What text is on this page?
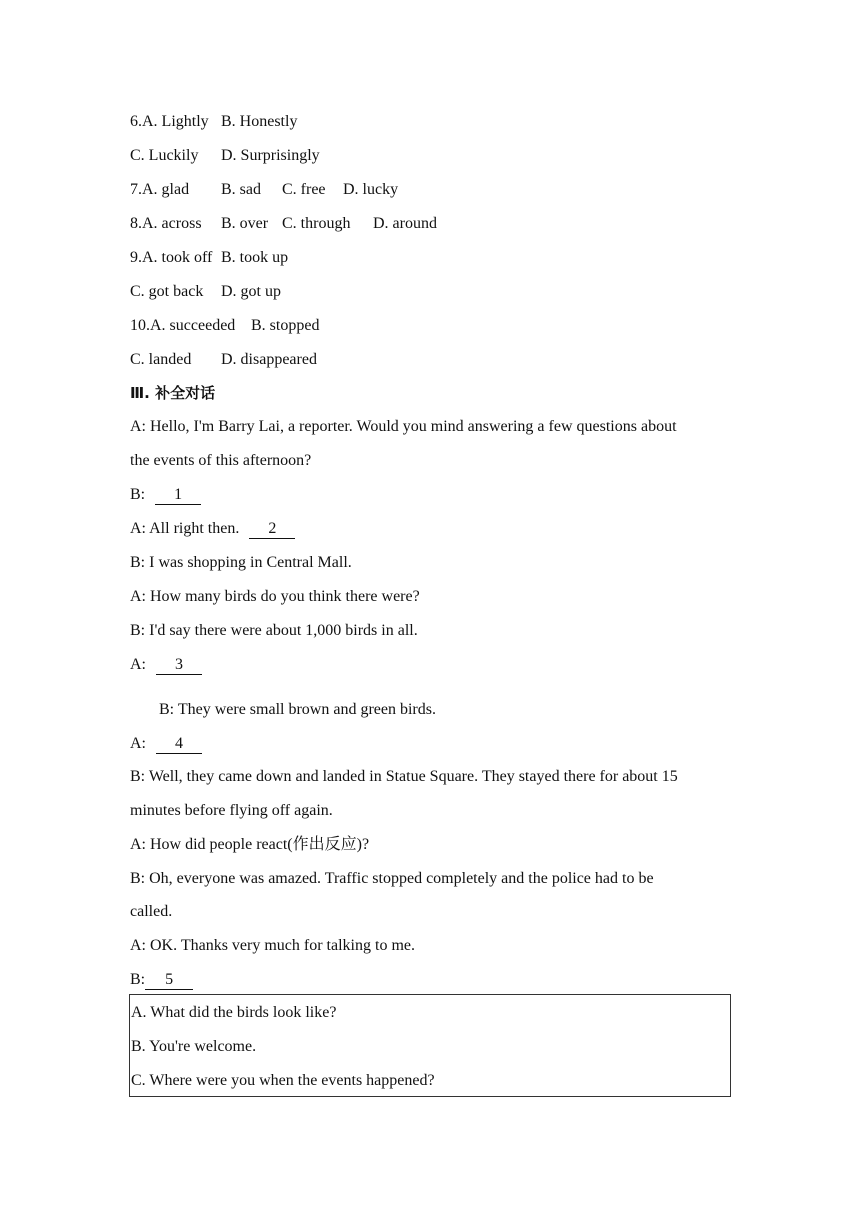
6.A. Lightly B. Honestly
C. Luckily D. Surprisingly
7.A. glad B. sad C. free D. lucky
8.A. across B. over C. through D. around
9.A. took off B. took up
C. got back D. got up
10.A. succeeded B. stopped
C. landed D. disappeared
Ⅲ. 补全对话
A: Hello, I'm Barry Lai, a reporter. Would you mind answering a few questions about
the events of this afternoon?
B: 1
A: All right then. 2
B: I was shopping in Central Mall.
A: How many birds do you think there were?
B: I'd say there were about 1,000 birds in all.
A: 3
B: They were small brown and green birds.
A: 4
B: Well, they came down and landed in Statue Square. They stayed there for about 15
minutes before flying off again.
A: How did people react(作出反应)?
B: Oh, everyone was amazed. Traffic stopped completely and the police had to be
called.
A: OK. Thanks very much for talking to me.
B: 5
A. What did the birds look like?
B. You're welcome.
C. Where were you when the events happened?
